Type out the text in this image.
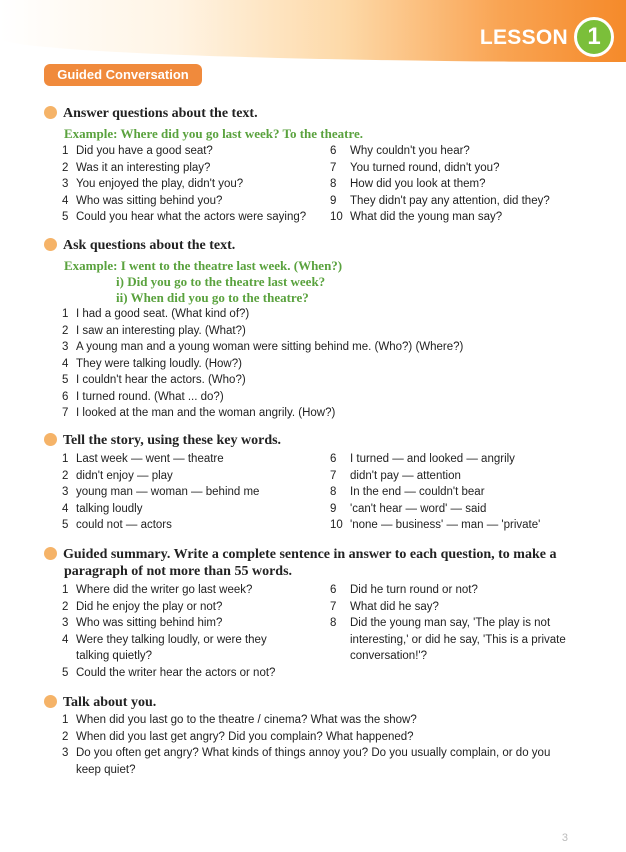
LESSON 1
Guided Conversation
Answer questions about the text.
Example: Where did you go last week? To the theatre.
1 Did you have a good seat?
2 Was it an interesting play?
3 You enjoyed the play, didn't you?
4 Who was sitting behind you?
5 Could you hear what the actors were saying?
6 Why couldn't you hear?
7 You turned round, didn't you?
8 How did you look at them?
9 They didn't pay any attention, did they?
10 What did the young man say?
Ask questions about the text.
Example: I went to the theatre last week. (When?)
i) Did you go to the theatre last week?
ii) When did you go to the theatre?
1 I had a good seat. (What kind of?)
2 I saw an interesting play. (What?)
3 A young man and a young woman were sitting behind me. (Who?) (Where?)
4 They were talking loudly. (How?)
5 I couldn't hear the actors. (Who?)
6 I turned round. (What ... do?)
7 I looked at the man and the woman angrily. (How?)
Tell the story, using these key words.
1 Last week — went — theatre
2 didn't enjoy — play
3 young man — woman — behind me
4 talking loudly
5 could not — actors
6 I turned — and looked — angrily
7 didn't pay — attention
8 In the end — couldn't bear
9 'can't hear — word' — said
10 'none — business' — man — 'private'
Guided summary. Write a complete sentence in answer to each question, to make a
paragraph of not more than 55 words.
1 Where did the writer go last week?
2 Did he enjoy the play or not?
3 Who was sitting behind him?
4 Were they talking loudly, or were they
talking quietly?
5 Could the writer hear the actors or not?
6 Did he turn round or not?
7 What did he say?
8 Did the young man say, 'The play is not
interesting,' or did he say, 'This is a private
conversation!'?
Talk about you.
1 When did you last go to the theatre / cinema? What was the show?
2 When did you last get angry? Did you complain? What happened?
3 Do you often get angry? What kinds of things annoy you? Do you usually complain, or do you
keep quiet?
3
